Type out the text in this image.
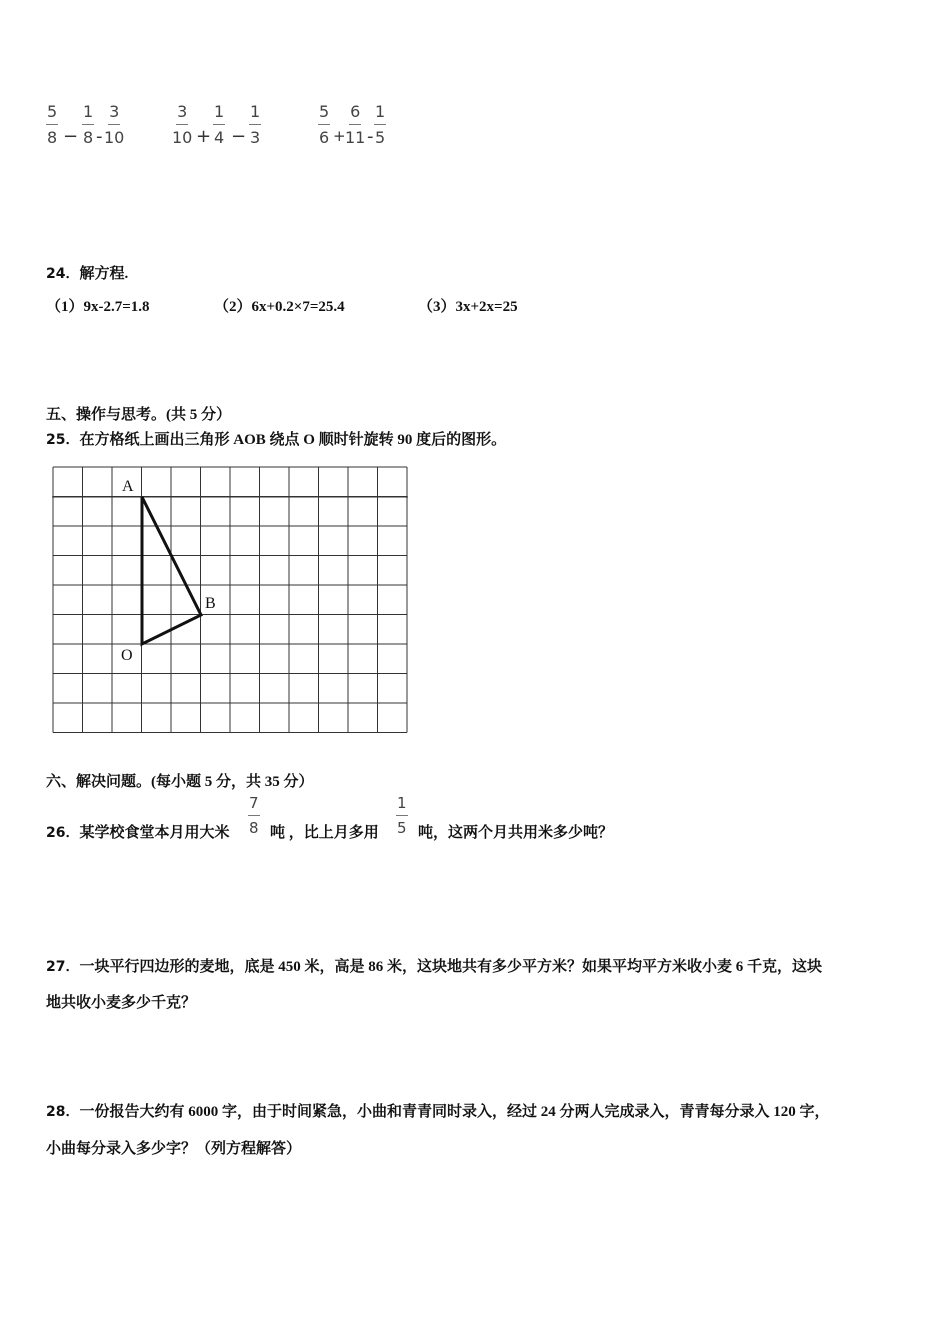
$\frac{5}{8} - \frac{1}{8} - \frac{3}{10}$	$\frac{3}{10} + \frac{1}{4} - \frac{1}{3}$	$\frac{5}{6} + \frac{6}{11} - \frac{1}{5}$
24．解方程.
（1）9x-2.7=1.8	（2）6x+0.2×7=25.4	（3）3x+2x=25
五、操作与思考。(共 5 分）
25．在方格纸上画出三角形 AOB 绕点 O 顺时针旋转 90 度后的图形。
A
B
O
六、解决问题。(每小题 5 分，共 35 分）
26．某学校食堂本月用大米 $\frac{7}{8}$ 吨 ，比上月多用 $\frac{1}{5}$ 吨，这两个月共用米多少吨？
27．一块平行四边形的麦地，底是 450 米，高是 86 米，这块地共有多少平方米？如果平均平方米收小麦 6 千克，这块
地共收小麦多少千克？
28．一份报告大约有 6000 字，由于时间紧急，小曲和青青同时录入，经过 24 分两人完成录入，青青每分录入 120 字，
小曲每分录入多少字？（列方程解答）
